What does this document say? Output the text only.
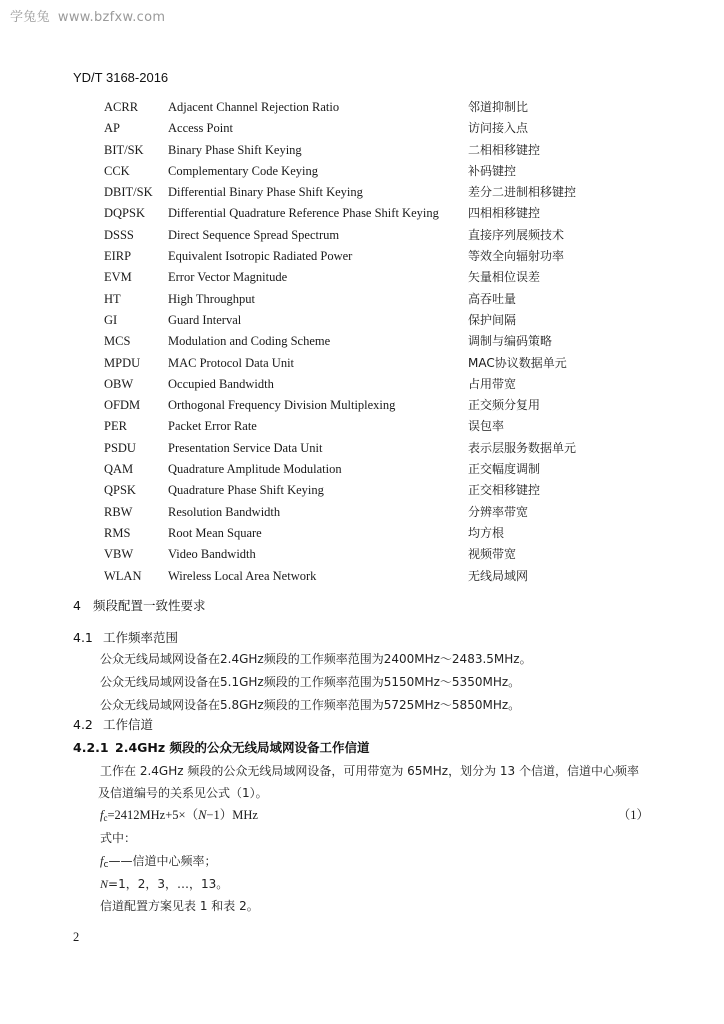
学兔兔 www.bzfxw.com
YD/T 3168-2016
ACRR Adjacent Channel Rejection Ratio	邻道抑制比
AP	Access Point	访问接入点
BIT/SK Binary Phase Shift Keying	二相相移键控
CCK	Complementary Code Keying	补码键控
DBIT/SK Differential Binary Phase Shift Keying	差分二进制相移键控
DQPSK Differential Quadrature Reference Phase Shift Keying 四相相移键控
DSSS	Direct Sequence Spread Spectrum	直接序列展频技术
EIRP	Equivalent Isotropic Radiated Power	等效全向辐射功率
EVM	Error Vector Magnitude	矢量相位误差
HT	High Throughput	高吞吐量
GI	Guard Interval	保护间隔
MCS	Modulation and Coding Scheme	调制与编码策略
MPDU MAC Protocol Data Unit	MAC协议数据单元
OBW	Occupied Bandwidth	占用带宽
OFDM Orthogonal Frequency Division Multiplexing	正交频分复用
PER	Packet Error Rate	误包率
PSDU	Presentation Service Data Unit	表示层服务数据单元
QAM	Quadrature Amplitude Modulation	正交幅度调制
QPSK	Quadrature Phase Shift Keying	正交相移键控
RBW	Resolution Bandwidth	分辨率带宽
RMS	Root Mean Square	均方根
VBW	Video Bandwidth	视频带宽
WLAN Wireless Local Area Network	无线局域网
4 频段配置一致性要求
4.1 工作频率范围
公众无线局域网设备在2.4GHz频段的工作频率范围为2400MHz～2483.5MHz。
公众无线局域网设备在5.1GHz频段的工作频率范围为5150MHz～5350MHz。
公众无线局域网设备在5.8GHz频段的工作频率范围为5725MHz～5850MHz。
4.2 工作信道
4.2.1 2.4GHz 频段的公众无线局域网设备工作信道
工作在 2.4GHz 频段的公众无线局域网设备，可用带宽为 65MHz，划分为 13 个信道，信道中心频率
及信道编号的关系见公式（1）。
$f_c=2412MHz+5\times(N-1)MHz$	（1）
式中：
$f_c——$信道中心频率；
N=1，2，3，…，13。
信道配置方案见表 1 和表 2。
2
